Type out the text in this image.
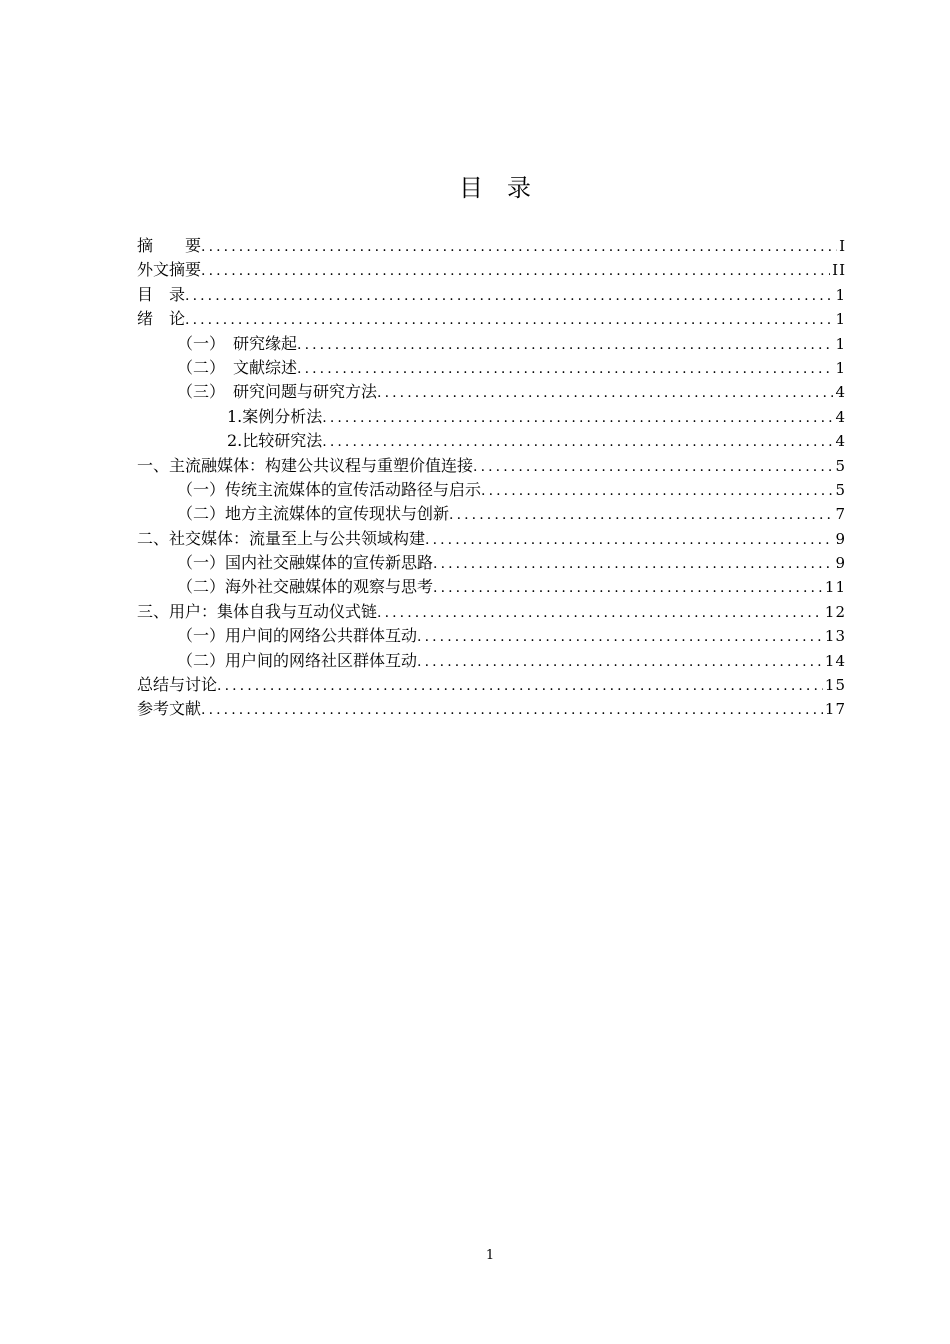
目　录
摘　　要 .....	I
外文摘要 .....	II
目　录 .....	1
绪　论 .....	1
（一）　研究缘起 .....	1
（二）　文献综述 .....	1
（三）　研究问题与研究方法 .....	4
1.案例分析法 .....	4
2.比较研究法 .....	4
一、主流融媒体：构建公共议程与重塑价值连接 .....	5
（一）传统主流媒体的宣传活动路径与启示 .....	5
（二）地方主流媒体的宣传现状与创新 .....	7
二、社交媒体：流量至上与公共领域构建 .....	9
（一）国内社交融媒体的宣传新思路 .....	9
（二）海外社交融媒体的观察与思考 .....	11
三、用户：集体自我与互动仪式链 .....	12
（一）用户间的网络公共群体互动 .....	13
（二）用户间的网络社区群体互动 .....	14
总结与讨论 .....	15
参考文献 .....	17
1
